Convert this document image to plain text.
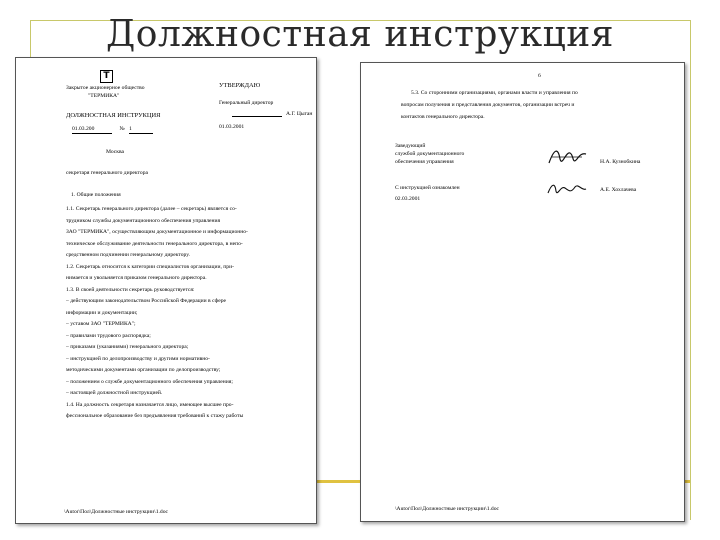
Должностная инструкция
6
5.3. Со сторонними организациями, органами власти и управления по
вопросам получения и представления документов, организации встреч и
контактов генерального директора.
Заведующий
службой документационного
обеспечения управления	Н.А. Кузнобкина
С инструкцией ознакомлен
02.03.2001
А.Е. Хохлачева
\Autor\Пол\Должностные инструкции\1.doc
Т
Закрытое акционерное общество
"ТЕРМИКА"
УТВЕРЖДАЮ
Генеральный директор
А.Г. Цыган
01.03.2001
ДОЛЖНОСТНАЯ ИНСТРУКЦИЯ
01.03.200	№ 1
Москва
секретаря генерального директора
1. Общие положения
1.1. Секретарь генерального директора (далее – секретарь) является со-
трудником службы документационного обеспечения управления
ЗАО "ТЕРМИКА", осуществляющим документационное и информационно-
техническое обслуживание деятельности генерального директора, в непо-
средственном подчинении генеральному директору.
1.2. Секретарь относится к категории специалистов организации, при-
нимается и увольняется приказом генерального директора.
1.3. В своей деятельности секретарь руководствуется:
– действующим законодательством Российской Федерации в сфере
информации и документации;
– уставом ЗАО "ТЕРМИКА";
– правилами трудового распорядка;
– приказами (указаниями) генерального директора;
– инструкцией по делопроизводству и другими нормативно-
методическими документами организации по делопроизводству;
– положением о службе документационного обеспечения управления;
– настоящей должностной инструкцией.
1.4. На должность секретаря назначается лицо, имеющее высшее про-
фессиональное образование без предъявления требований к стажу работы
\Autor\Пол\Должностные инструкции\1.doc
